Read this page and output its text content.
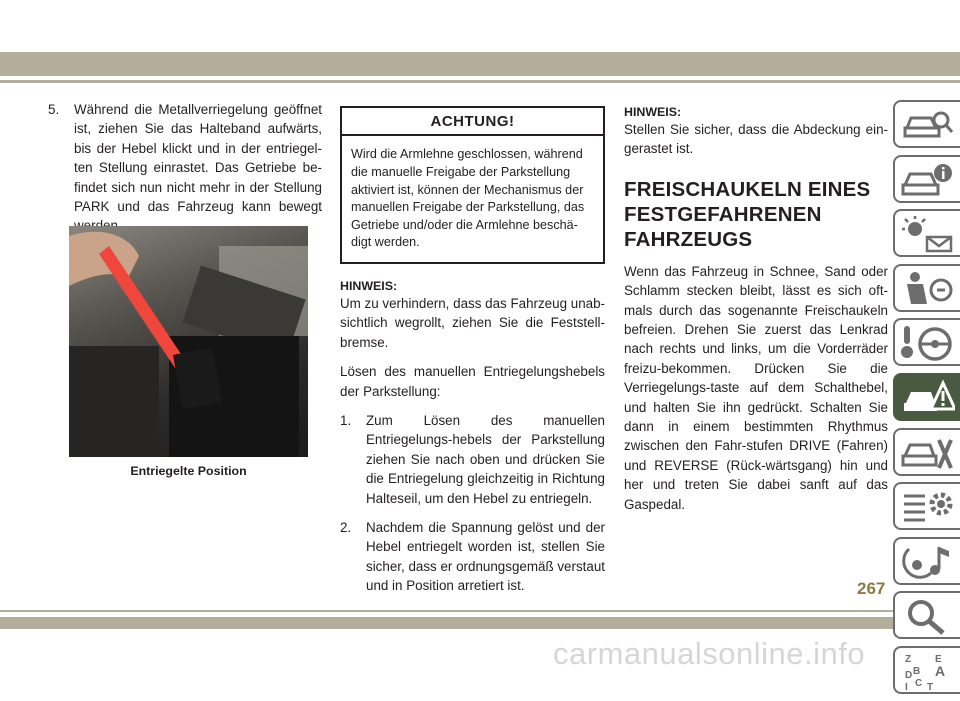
5.	Während die Metallverriegelung geöffnet ist, ziehen Sie das Halteband aufwärts, bis der Hebel klickt und in der entriegel-ten Stellung einrastet. Das Getriebe be-findet sich nun nicht mehr in der Stellung PARK und das Fahrzeug kann bewegt
Entriegelte Position
ACHTUNG!
Wird die Armlehne geschlossen, während die manuelle Freigabe der Parkstellung aktiviert ist, können der Mechanismus der manuellen Freigabe der Parkstellung, das Getriebe und/oder die Armlehne beschä-digt werden.
HINWEIS:
Um zu verhindern, dass das Fahrzeug unab-sichtlich wegrollt, ziehen Sie die Feststell-bremse.
Lösen des manuellen Entriegelungshebels der Parkstellung:
1.	Zum Lösen des manuellen Entriegelungs-hebels der Parkstellung ziehen Sie nach oben und drücken Sie die Entriegelung gleichzeitig in Richtung Halteseil, um den Hebel zu entriegeln.
2.	Nachdem die Spannung gelöst und der Hebel entriegelt worden ist, stellen Sie sicher, dass er ordnungsgemäß verstaut und in Position arretiert ist.
HINWEIS:
Stellen Sie sicher, dass die Abdeckung ein-gerastet ist.
FREISCHAUKELN EINES
FESTGEFAHRENEN
FAHRZEUGS
Wenn das Fahrzeug in Schnee, Sand oder Schlamm stecken bleibt, lässt es sich oft-mals durch das sogenannte Freischaukeln befreien. Drehen Sie zuerst das Lenkrad nach rechts und links, um die Vorderräder freizu-bekommen. Drücken Sie die Verriegelungs-taste auf dem Schalthebel, und halten Sie ihn gedrückt. Schalten Sie dann in einem bestimmten Rhythmus zwischen den Fahr-stufen DRIVE (Fahren) und REVERSE (Rück-wärtsgang) hin und her und treten Sie dabei sanft auf das Gaspedal.
Z E
B A
C
D
I T
267
carmanualsonline.info
